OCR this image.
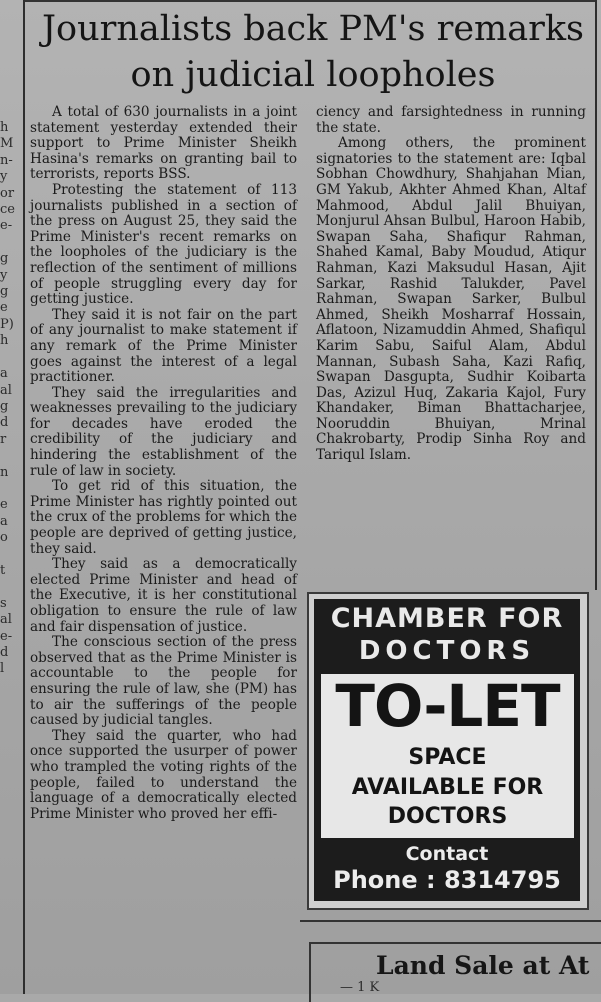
h
M
n-
y
or
ce
e-

g
y
g
e
P)
h

a
al
g
d
r

n

e
a
o

t

s
al
e-
d
l
Journalists back PM's remarks on judicial loopholes

A total of 630 journalists in a joint statement yesterday extended their support to Prime Minister Sheikh Hasina's remarks on granting bail to terrorists, reports BSS.

Protesting the statement of 113 journalists published in a section of the press on August 25, they said the Prime Minister's recent remarks on the loopholes of the judiciary is the reflection of the sentiment of millions of people struggling every day for getting justice.

They said it is not fair on the part of any journalist to make statement if any remark of the Prime Minister goes against the interest of a legal practitioner.

They said the irregularities and weaknesses prevailing to the judiciary for decades have eroded the credibility of the judiciary and hindering the establishment of the rule of law in society.

To get rid of this situation, the Prime Minister has rightly pointed out the crux of the problems for which the people are deprived of getting justice, they said.

They said as a democratically elected Prime Minister and head of the Executive, it is her constitutional obligation to ensure the rule of law and fair dispensation of justice.

The conscious section of the press observed that as the Prime Minister is accountable to the people for ensuring the rule of law, she (PM) has to air the sufferings of the people caused by judicial tangles.

They said the quarter, who had once supported the usurper of power who trampled the voting rights of the people, failed to understand the language of a democratically elected Prime Minister who proved her effi-

ciency and farsightedness in running the state.

Among others, the prominent signatories to the statement are: Iqbal Sobhan Chowdhury, Shahjahan Mian, GM Yakub, Akhter Ahmed Khan, Altaf Mahmood, Abdul Jalil Bhuiyan, Monjurul Ahsan Bulbul, Haroon Habib, Swapan Saha, Shafiqur Rahman, Shahed Kamal, Baby Moudud, Atiqur Rahman, Kazi Maksudul Hasan, Ajit Sarkar, Rashid Talukder, Pavel Rahman, Swapan Sarker, Bulbul Ahmed, Sheikh Mosharraf Hossain, Aflatoon, Nizamuddin Ahmed, Shafiqul Karim Sabu, Saiful Alam, Abdul Mannan, Subash Saha, Kazi Rafiq, Swapan Dasgupta, Sudhir Koibarta Das, Azizul Huq, Zakaria Kajol, Fury Khandaker, Biman Bhattacharjee, Nooruddin Bhuiyan, Mrinal Chakrobarty, Prodip Sinha Roy and Tariqul Islam.

CHAMBER FOR
DOCTORS
TO-LET
SPACE
AVAILABLE FOR
DOCTORS
Contact
Phone : 8314795
Land Sale at At
— 1 K
